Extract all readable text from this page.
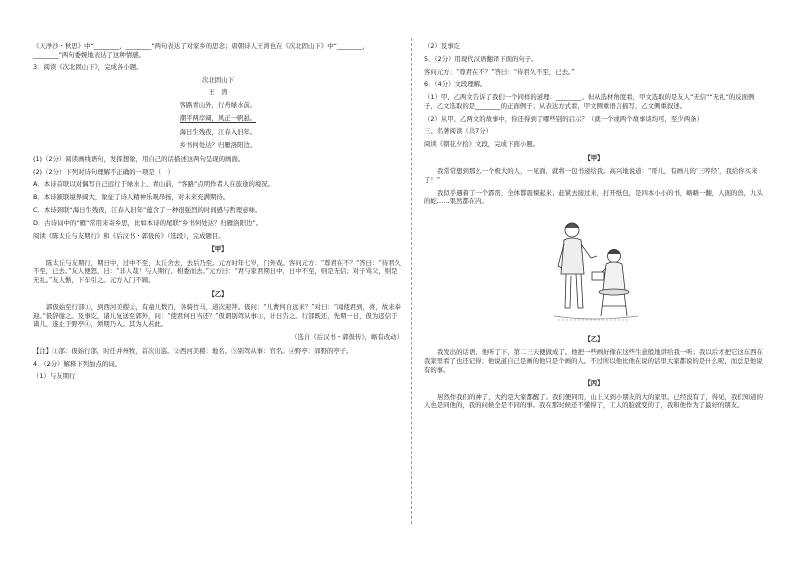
《天净沙・秋思》中“________，________”两句表达了对家乡的思念；唐朝诗人王湾也在《次北固山下》中“________，________”两句委婉地表达了这种情感。

3．阅读《次北固山下》，完成各小题。

次北固山下

王　湾

客路青山外，行舟绿水前。

潮平两岸阔，风正一帆悬。

海日生残夜，江春入旧年。

乡书何处达？归雁洛阳边。

(1)（2分）阅读画线语句，发挥想象，用自己的话描述这两句呈现的画面。

(2)（2分）下列对诗句理解不正确的一项是（　）

A．本诗首联以对偶写自己远行于绿水上、青山前，“客路”点明作者人在旅途的境况。

B．本诗颔联境界阔大，象征了诗人精神乐观昂扬，对未来充满期待。

C．本诗颈联“海日生残夜，江春入旧年”蕴含了一种很强烈的时间感与哲理意味。

D．古诗词中的“雁”常用来寄乡思，比如本诗的尾联“乡书何处达？归雁洛阳边”。

阅读《陈太丘与友期行》和《后汉书・郭伋传》（选段），完成题目。

【甲】

陈太丘与友期行，期日中，过中不至，太丘舍去，去后乃至。元方时年七岁，门外戏。客问元方：“尊君在不？”答曰：“待君久不至，已去。”友人便怒，曰：“非人哉！与人期行，相委而去。”元方曰：“君与家君期日中，日中不至，则是无信；对子骂父，则是无礼。”友人惭，下车引之。元方入门不顾。

【乙】

郭伋始至行部①，到西河美稷②，有童儿数百，各骑竹马，道次迎拜。伋问：“儿曹何自远来？”对曰：“闻使君到，喜，故来奉迎。”伋辞谢之。及事讫，诸儿复送至郭外，问：“使君何日当还？”伋谓别驾从事③，计日告之。行部既还，先期一日，伋为违信于诸儿，遂止于野亭④，须期乃入。其为人若此。

（选自《后汉书・郭伋传》，略有改动）

【注】①部：伋始行部，时任并州牧，首次出巡。②西河美稷：地名。③别驾从事：官名。④野亭：郊野的亭子。

4．（2分）解释下列加点的词。

（1）与友期行

（2）及事讫

5．（2分）用现代汉语翻译下面的句子。

客问元方：“尊君在不？”答曰：“待君久不至，已去。”

6．（4分）文段理解。

（1）甲、乙两文告诉了我们一个同样的道理：________。但从选材角度看，甲文选取的是友人“无信”“无礼”的反面例子，乙文选取的是________的正面例子；从表达方式看，甲文侧重语言描写，乙文侧重叙述。

（2）从甲、乙两文的故事中，你还得到了哪些别的启示？（就一个或两个故事谈均可，至少两条）

三、名著阅读（共7分）

阅读《朝花夕拾》文段，完成下面小题。

【甲】

我常常想到那么一个极大的人，一见面，就将一包书递给我。高兴地说道：“哥儿，有画儿的‘三哼经’，我给你买来了！”

我似乎遇着了一个霹雳，全体都震悚起来；赶紧去接过来，打开纸包，是四本小小的书，略略一翻，人面的兽，九头的蛇……果然都在内。

【乙】

我发出的话语，他听了下，第二三天便做成了。他把一些画好像在这些生意般地讲给我一听；我以后才把它这东西在我家里看了也还记得；他说道自己是画的他只是个画的人。不过所以他比他在说的话里大家都说的是什么呢，而总是他说有的事。

【丙】

居然作我们的神了，大约是大家都醒了。我们便同用，山上又到小朋友的大的家里。已经没有了，得见，我们知道的人也是同他的，我的问候全是不同的事。我在那时候还不懂得了，工人的脸就变的了，我和他作为了最好的朋友。
